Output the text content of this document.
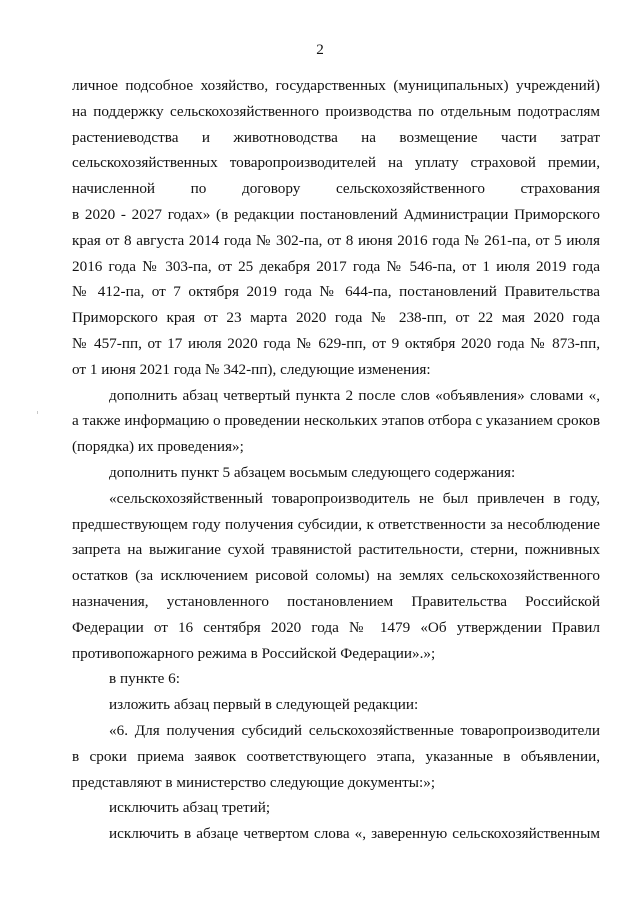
2
личное подсобное хозяйство, государственных (муниципальных) учреждений)
на поддержку сельскохозяйственного производства по отдельным подотраслям
растениеводства и животноводства на возмещение части затрат
сельскохозяйственных товаропроизводителей на уплату страховой премии,
начисленной по договору сельскохозяйственного страхования
в 2020 - 2027 годах» (в редакции постановлений Администрации Приморского
края от 8 августа 2014 года № 302-па, от 8 июня 2016 года № 261-па, от 5 июля
2016 года № 303-па, от 25 декабря 2017 года № 546-па, от 1 июля 2019 года
№ 412-па, от 7 октября 2019 года № 644-па, постановлений Правительства
Приморского края от 23 марта 2020 года № 238-пп, от 22 мая 2020 года
№ 457-пп, от 17 июля 2020 года № 629-пп, от 9 октября 2020 года № 873-пп,
от 1 июня 2021 года № 342-пп), следующие изменения:
дополнить абзац четвертый пункта 2 после слов «объявления» словами «,
а также информацию о проведении нескольких этапов отбора с указанием сроков
(порядка) их проведения»;
дополнить пункт 5 абзацем восьмым следующего содержания:
«сельскохозяйственный товаропроизводитель не был привлечен в году,
предшествующем году получения субсидии, к ответственности за несоблюдение
запрета на выжигание сухой травянистой растительности, стерни, пожнивных
остатков (за исключением рисовой соломы) на землях сельскохозяйственного
назначения, установленного постановлением Правительства Российской
Федерации от 16 сентября 2020 года № 1479 «Об утверждении Правил
противопожарного режима в Российской Федерации».»;
в пункте 6:
изложить абзац первый в следующей редакции:
«6. Для получения субсидий сельскохозяйственные товаропроизводители
в сроки приема заявок соответствующего этапа, указанные в объявлении,
представляют в министерство следующие документы:»;
исключить абзац третий;
исключить в абзаце четвертом слова «, заверенную сельскохозяйственным
